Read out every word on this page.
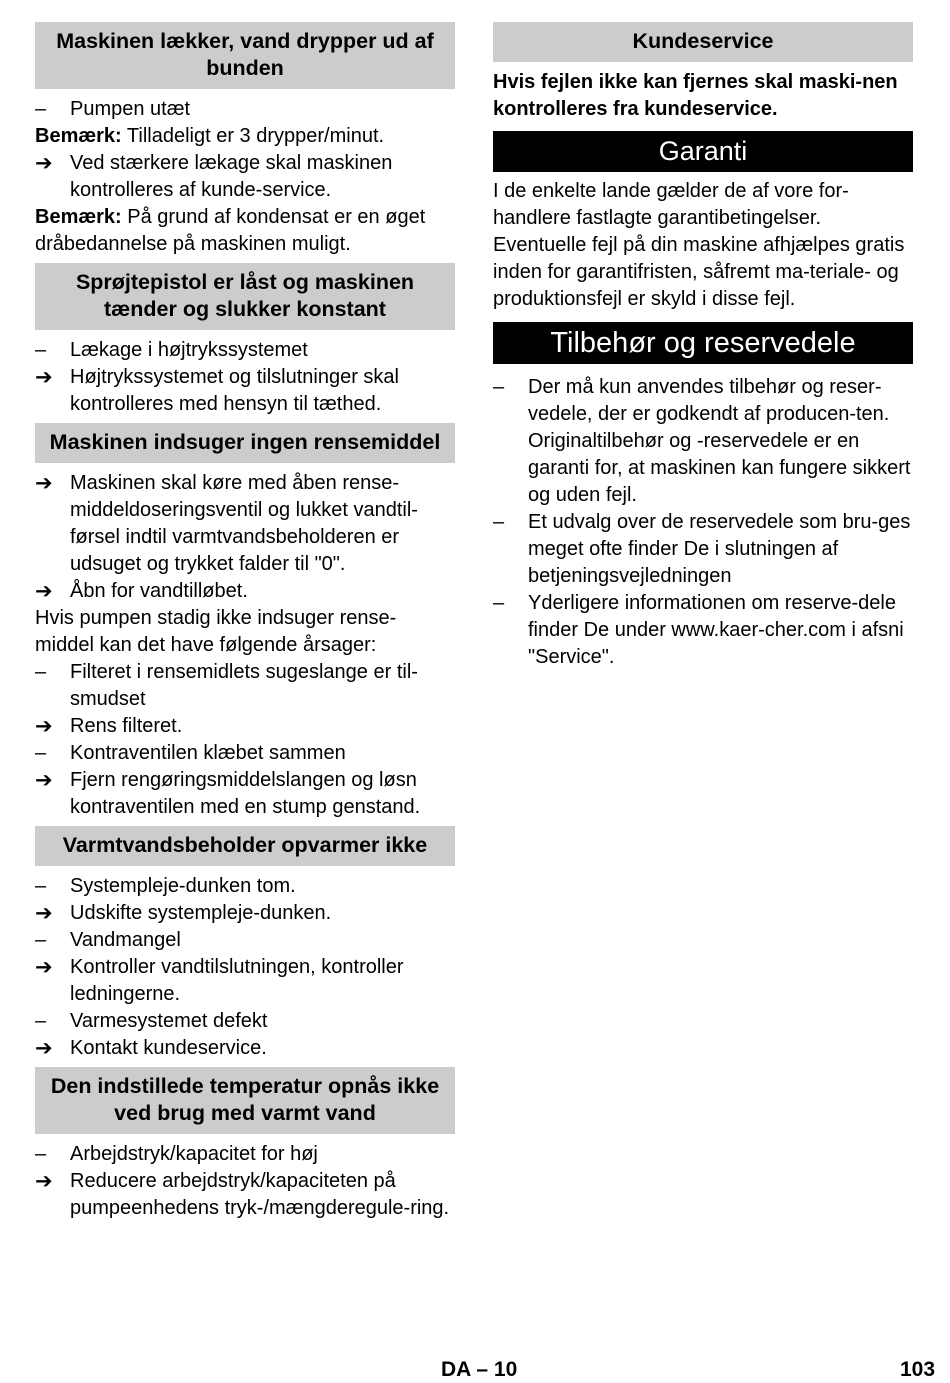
Maskinen lækker, vand drypper ud af bunden
–
Pumpen utæt
Bemærk: Tilladeligt er 3 drypper/minut.
➔ Ved stærkere lækage skal maskinen kontrolleres af kunde-service.
Bemærk: På grund af kondensat er en øget dråbedannelse på maskinen muligt.
Sprøjtepistol er låst og maskinen tænder og slukker konstant
–
Lækage i højtrykssystemet
➔ Højtrykssystemet og tilslutninger skal kontrolleres med hensyn til tæthed.
Maskinen indsuger ingen rensemiddel
➔ Maskinen skal køre med åben rense-middeldoseringsventil og lukket vandtil-førsel indtil varmtvandsbeholderen er udsuget og trykket falder til "0".
➔ Åbn for vandtilløbet.
Hvis pumpen stadig ikke indsuger rense-middel kan det have følgende årsager:
–
Filteret i rensemidlets sugeslange er til-smudset
➔ Rens filteret.
–
Kontraventilen klæbet sammen
➔ Fjern rengøringsmiddelslangen og løsn kontraventilen med en stump genstand.
Varmtvandsbeholder opvarmer ikke
–
Systempleje-dunken tom.
➔ Udskifte systempleje-dunken.
–
Vandmangel
➔ Kontroller vandtilslutningen, kontroller ledningerne.
–
Varmesystemet defekt
➔ Kontakt kundeservice.
Den indstillede temperatur opnås ikke ved brug med varmt vand
–
Arbejdstryk/kapacitet for høj
➔ Reducere arbejdstryk/kapaciteten på pumpeenhedens tryk-/mængderegule-ring.
Kundeservice
Hvis fejlen ikke kan fjernes skal maski-nen kontrolleres fra kundeservice.
Garanti
I de enkelte lande gælder de af vore for-handlere fastlagte garantibetingelser. Eventuelle fejl på din maskine afhjælpes gratis inden for garantifristen, såfremt ma-teriale- og produktionsfejl er skyld i disse fejl.
Tilbehør og reservedele
–
Der må kun anvendes tilbehør og reser-vedele, der er godkendt af producen-ten. Originaltilbehør og -reservedele er en garanti for, at maskinen kan fungere sikkert og uden fejl.
–
Et udvalg over de reservedele som bru-ges meget ofte finder De i slutningen af betjeningsvejledningen
–
Yderligere informationen om reserve-dele finder De under www.kaer-cher.com i afsni "Service".
DA – 10	103
